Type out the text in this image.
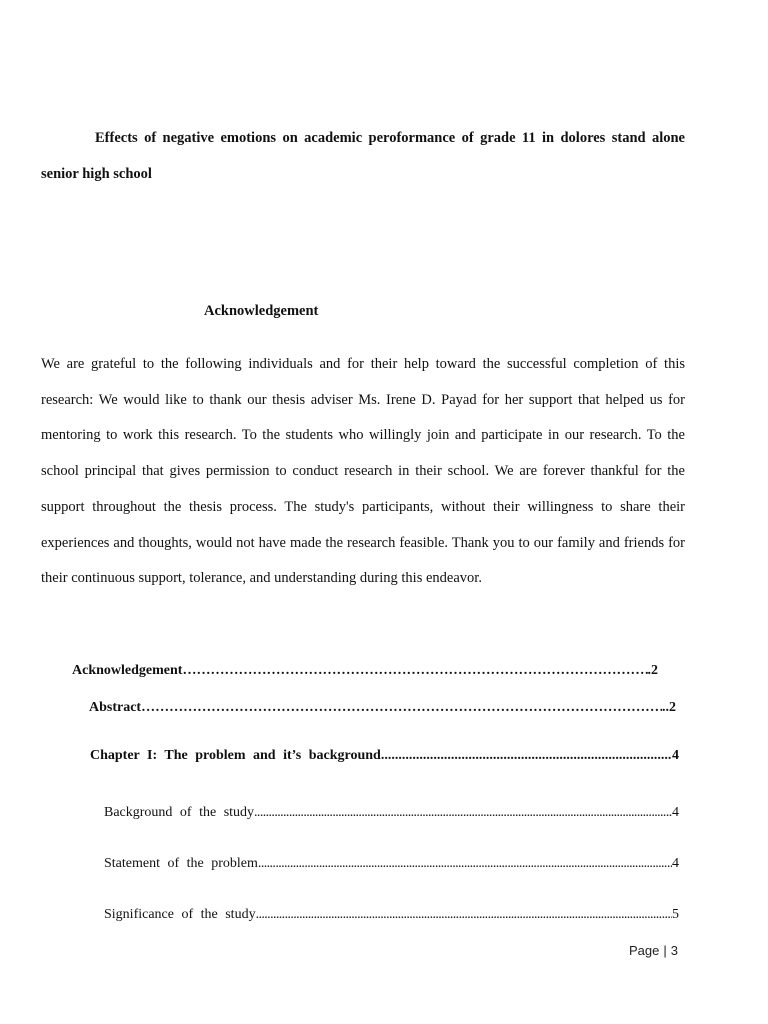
Effects of negative emotions on academic peroformance of grade 11 in dolores stand alone senior high school

Acknowledgement

We are grateful to the following individuals and for their help toward the successful completion of this research: We would like to thank our thesis adviser Ms. Irene D. Payad for her support that helped us for mentoring to work this research. To the students who willingly join and participate in our research. To the school principal that gives permission to conduct research in their school. We are forever thankful for the support throughout the thesis process. The study's participants, without their willingness to share their experiences and thoughts, would not have made the research feasible. Thank you to our family and friends for their continuous support, tolerance, and understanding during this endeavor.

Acknowledgement ……………………………………………………………………………………………………………………………………………………………	.2
Abstract ……………………………………………………………………………………………………………………………………………………………	..2
Chapter I: The problem and it’s background .....	4
Background of the study .....	4
Statement of the problem .....	4
Significance of the study .....	5
Page | 3
